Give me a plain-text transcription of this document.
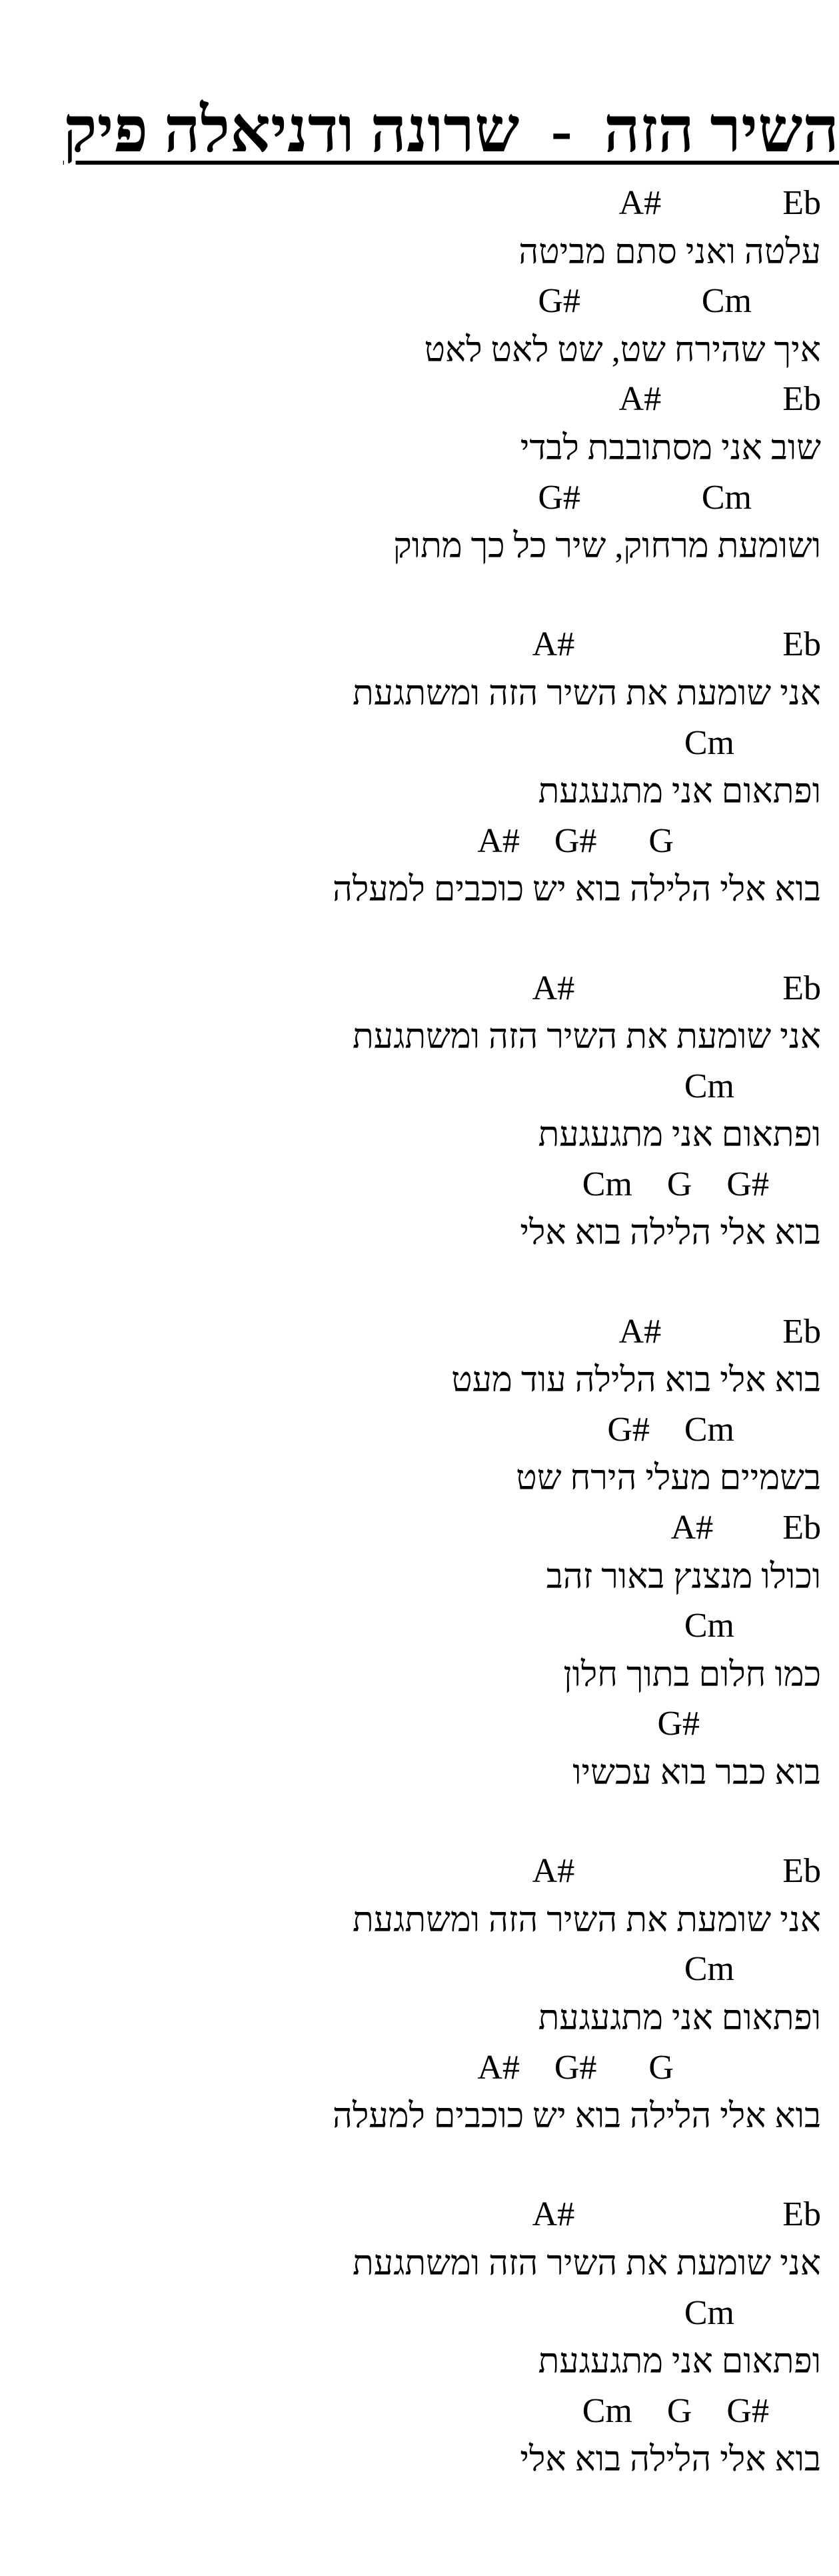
השיר הזה  -  שרונה ודניאלה פיק
A#              Eb
עלטה ואני סתם מביטה
G#              Cm
איך שהירח שט, שט לאט לאט
A#              Eb
שוב אני מסתובבת לבדי
G#              Cm
ושומעת מרחוק, שיר כל כך מתוק
A#                        Eb
אני שומעת את השיר הזה ומשתגעת
Cm
ופתאום אני מתגעגעת
A#    G#      G
בוא אלי הלילה בוא יש כוכבים למעלה
A#                        Eb
אני שומעת את השיר הזה ומשתגעת
Cm
ופתאום אני מתגעגעת
Cm    G    G#
בוא אלי הלילה בוא אלי
A#              Eb
בוא אלי בוא הלילה עוד מעט
G#    Cm
בשמיים מעלי הירח שט
A#        Eb
וכולו מנצנץ באור זהב
Cm
כמו חלום בתוך חלון
G#
בוא כבר בוא עכשיו
A#                        Eb
אני שומעת את השיר הזה ומשתגעת
Cm
ופתאום אני מתגעגעת
A#    G#      G
בוא אלי הלילה בוא יש כוכבים למעלה
A#                        Eb
אני שומעת את השיר הזה ומשתגעת
Cm
ופתאום אני מתגעגעת
Cm    G    G#
בוא אלי הלילה בוא אלי
